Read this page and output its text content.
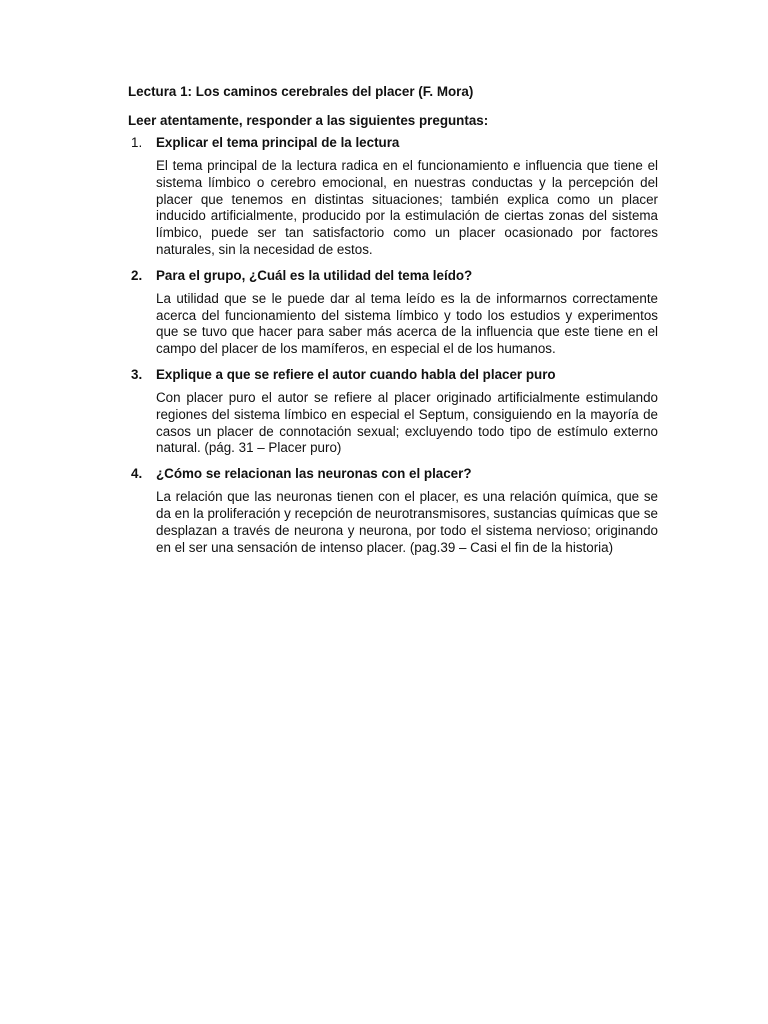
Lectura 1: Los caminos cerebrales del placer (F. Mora)
Leer atentamente, responder a las siguientes preguntas:
1.	Explicar el tema principal de la lectura
El tema principal de la lectura radica en el funcionamiento e influencia que tiene el sistema límbico o cerebro emocional, en nuestras conductas y la percepción del placer que tenemos en distintas situaciones; también explica como un placer inducido artificialmente, producido por la estimulación de ciertas zonas del sistema límbico, puede ser tan satisfactorio como un placer ocasionado por factores naturales, sin la necesidad de estos.
2.	Para el grupo, ¿Cuál es la utilidad del tema leído?
La utilidad que se le puede dar al tema leído es la de informarnos correctamente acerca del funcionamiento del sistema límbico y todo los estudios y experimentos que se tuvo que hacer para saber más acerca de la influencia que este tiene en el campo del placer de los mamíferos, en especial el de los humanos.
3.	Explique a que se refiere el autor cuando habla del placer puro
Con placer puro el autor se refiere al placer originado artificialmente estimulando regiones del sistema límbico en especial el Septum, consiguiendo en la mayoría de casos un placer de connotación sexual; excluyendo todo tipo de estímulo externo natural. (pág. 31 – Placer puro)
4.	¿Cómo se relacionan las neuronas con el placer?
La relación que las neuronas tienen con el placer, es una relación química, que se da en la proliferación y recepción de neurotransmisores, sustancias químicas que se desplazan a través de neurona y neurona, por todo el sistema nervioso; originando en el ser una sensación de intenso placer. (pag.39 – Casi el fin de la historia)
